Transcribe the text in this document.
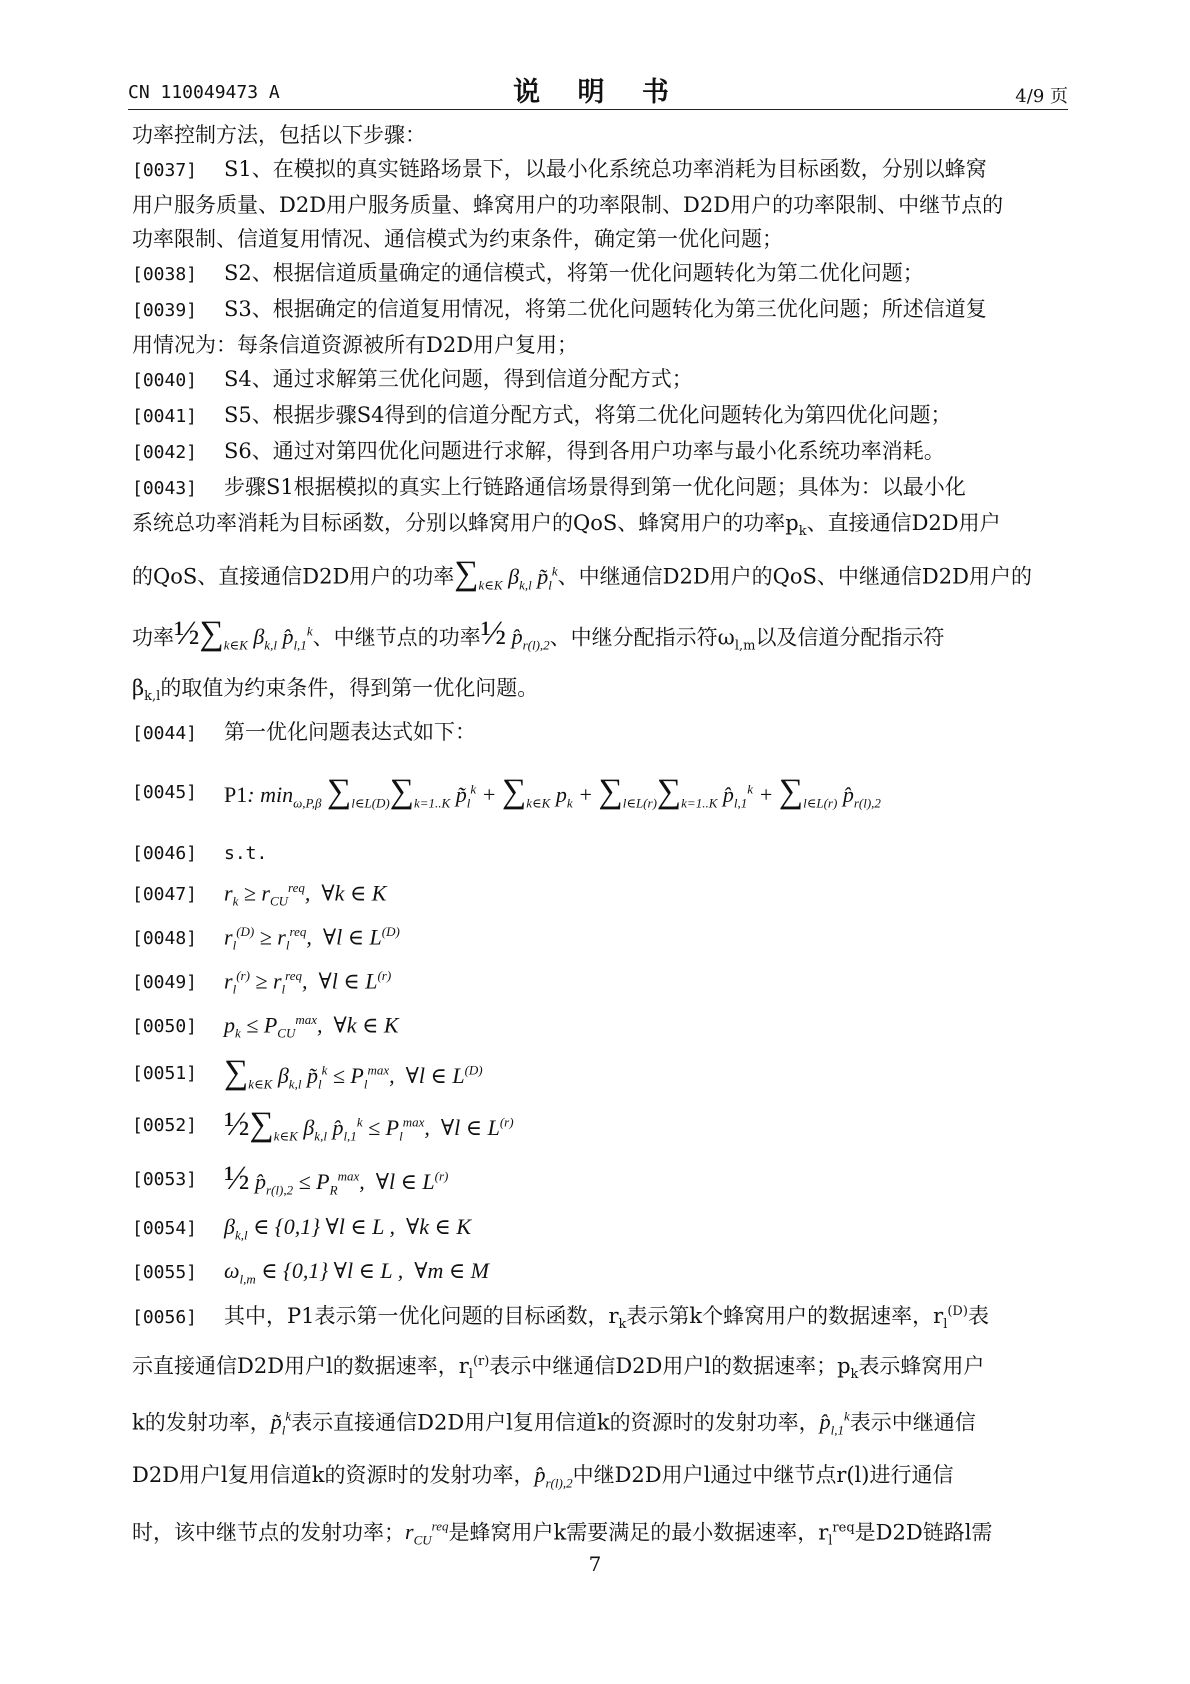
CN 110049473 A	说 明 书	4/9 页
功率控制方法，包括以下步骤：
[0037]	S1、在模拟的真实链路场景下，以最小化系统总功率消耗为目标函数，分别以蜂窝
用户服务质量、D2D用户服务质量、蜂窝用户的功率限制、D2D用户的功率限制、中继节点的
功率限制、信道复用情况、通信模式为约束条件，确定第一优化问题；
[0038]	S2、根据信道质量确定的通信模式，将第一优化问题转化为第二优化问题；
[0039]	S3、根据确定的信道复用情况，将第二优化问题转化为第三优化问题；所述信道复
用情况为：每条信道资源被所有D2D用户复用；
[0040]	S4、通过求解第三优化问题，得到信道分配方式；
[0041]	S5、根据步骤S4得到的信道分配方式，将第二优化问题转化为第四优化问题；
[0042]	S6、通过对第四优化问题进行求解，得到各用户功率与最小化系统功率消耗。
[0043]	步骤S1根据模拟的真实上行链路通信场景得到第一优化问题；具体为：以最小化
系统总功率消耗为目标函数，分别以蜂窝用户的QoS、蜂窝用户的功率$p_k$、直接通信D2D用户
的QoS、直接通信D2D用户的功率$\sum_{k\in K}$ $\beta_{k,l}$ $p̃_l^k$、中继通信D2D用户的QoS、中继通信D2D用户的
功率$\frac{1}{2}\sum_{k\in K}$ $\beta_{k,l}$ $p̂_{l,1}^k$、中继节点的功率½ $p̂_{r(l),2}$、中继分配指示符$\omega_{l,m}$以及信道分配指示符
$\beta_{k,l}$的取值为约束条件，得到第一优化问题。
[0044]	第一优化问题表达式如下：
[0045]	P1: $\min_{\omega,P,\beta} \sum_{l\in L(D)}\sum_{k=1..K}$ $p̃_l^k + \sum_{k\in K}$ $p_k + \sum_{l\in L(r)}\sum_{k=1..K}$ $p̂_{l,1}^k + \sum_{l\in L(r)}$ $p̂_{r(l),2}$
[0046]	s.t.
[0047]	$r_k \ge r_{CU}^{req}$,  ∀k ∈ K
[0048]	$r_l^{(D)} \ge r_l^{req}$,  ∀l ∈ $L^{(D)}$
[0049]	$r_l^{(r)} \ge r_l^{req}$,  ∀l ∈ $L^{(r)}$
[0050]	$p_k \le P_{CU}^{max}$,  ∀k ∈ K
[0051] $\sum_{k\in K}$ $\beta_{k,l}$ $p̃_l^k \le P_l^{max}$,  ∀l ∈ $L^{(D)}$
[0052] $\frac{1}{2}\sum_{k\in K}$ $\beta_{k,l}$ $p̂_{l,1}^k \le P_l^{max}$,  ∀l ∈ $L^{(r)}$
[0053] ½ $p̂_{r(l),2} \le P_R^{max}$,  ∀l ∈ $L^{(r)}$
[0054]	$\beta_{k,l}$ ∈ {0,1} ∀l ∈ L ,  ∀k ∈ K
[0055]	$\omega_{l,m}$ ∈ {0,1} ∀l ∈ L ,  ∀m ∈ M
[0056]	其中，P1表示第一优化问题的目标函数，$r_k$表示第k个蜂窝用户的数据速率，$r_l^{(D)}$表
示直接通信D2D用户l的数据速率，$r_l^{(r)}$表示中继通信D2D用户l的数据速率；$p_k$表示蜂窝用户
k的发射功率，$p̃_l^k$表示直接通信D2D用户l复用信道k的资源时的发射功率，$p̂_{l,1}^k$表示中继通信
D2D用户l复用信道k的资源时的发射功率，$p̂_{r(l),2}$中继D2D用户l通过中继节点r(l)进行通信
时，该中继节点的发射功率；$r_{CU}^{req}$是蜂窝用户k需要满足的最小数据速率，$r_l^{req}$是D2D链路l需
7
